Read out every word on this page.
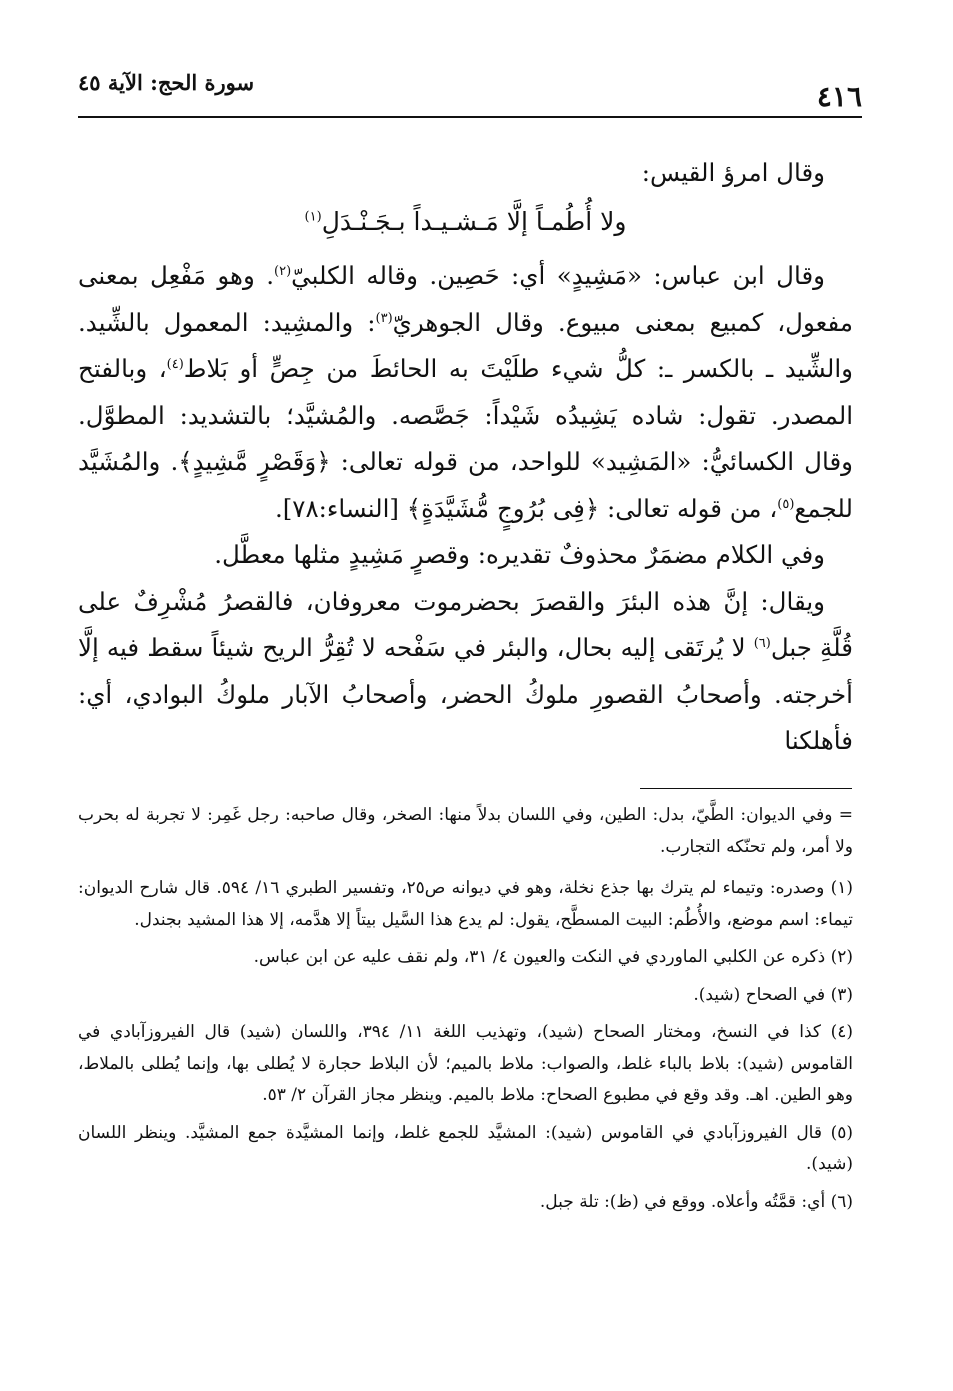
٤١٦
سورة الحج: الآية ٤٥

وقال امرؤ القيس:

ولا أُطُمـاً إلَّا مَـشـيـداً بـجَـنْـدَلِ$^{(١)}$

وقال ابن عباس: «مَشِيدٍ» أي: حَصِين. وقاله الكلبيّ$^{(٢)}$. وهو مَفْعِل بمعنى مفعول، كمبيع بمعنى مبيوع. وقال الجوهريّ$^{(٣)}$: والمشِيد: المعمول بالشِّيد. والشِّيد ـ بالكسر ـ: كلُّ شيء طلَيْتَ به الحائطَ من جِصٍّ أو بَلاط$^{(٤)}$، وبالفتح المصدر. تقول: شاده يَشِيدُه شَيْداً: جَصَّصه. والمُشيَّد؛ بالتشديد: المطوَّل. وقال الكسائيُّ: «المَشِيد» للواحد، من قوله تعالى: ﴿وَقَصْرٍ مَّشِيدٍ﴾. والمُشَيَّد للجمع$^{(٥)}$، من قوله تعالى: ﴿فِى بُرُوجٍ مُّشَيَّدَةٍ﴾ [النساء:٧٨].

وفي الكلام مضمَرٌ محذوفٌ تقديره: وقصرٍ مَشِيدٍ مثلها معطَّل.

ويقال: إنَّ هذه البئرَ والقصرَ بحضرموت معروفان، فالقصرُ مُشْرِفٌ على قُلَّةِ جبل$^{(٦)}$ لا يُرتَقى إليه بحال، والبئر في سَفْحه لا تُقِرُّ الريح شيئاً سقط فيه إلَّا أخرجته. وأصحابُ القصورِ ملوكُ الحضر، وأصحابُ الآبار ملوكُ البوادي، أي: فأهلكنا

= وفي الديوان: الطَّيّ، بدل: الطين، وفي اللسان بدلاً منها: الصخر، وقال صاحبه: رجل غَمِر: لا تجربة له بحرب ولا أمر، ولم تحنّكه التجارب.

(١) وصدره: وتيماء لم يترك بها جذع نخلة، وهو في ديوانه ص٢٥، وتفسير الطبري ١٦/ ٥٩٤. قال شارح الديوان: تيماء: اسم موضع، والأُطُم: البيت المسطَّح، يقول: لم يدع هذا السَّيل بيتاً إلا هدَّمه، إلا هذا المشيد بجندل.

(٢) ذكره عن الكلبي الماوردي في النكت والعيون ٤/ ٣١، ولم نقف عليه عن ابن عباس.

(٣) في الصحاح (شيد).

(٤) كذا في النسخ، ومختار الصحاح (شيد)، وتهذيب اللغة ١١/ ٣٩٤، واللسان (شيد) قال الفيروزآبادي في القاموس (شيد): بلاط بالباء غلط، والصواب: ملاط بالميم؛ لأن البلاط حجارة لا يُطلى بها، وإنما يُطلى بالملاط، وهو الطين. اهـ. وقد وقع في مطبوع الصحاح: ملاط بالميم. وينظر مجاز القرآن ٢/ ٥٣.

(٥) قال الفيروزآبادي في القاموس (شيد): المشيَّد للجمع غلط، وإنما المشيَّدة جمع المشيَّد. وينظر اللسان (شيد).

(٦) أي: قمَّتُه وأعلاه. ووقع في (ظ): تلة جبل.
